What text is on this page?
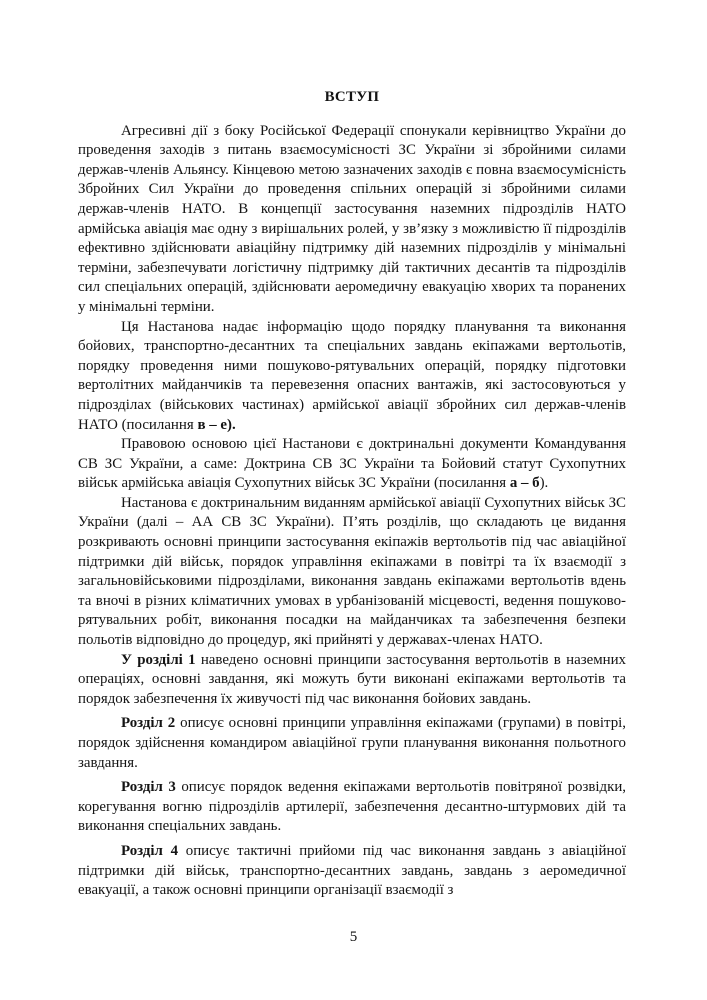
ВСТУП

Агресивні дії з боку Російської Федерації спонукали керівництво України до проведення заходів з питань взаємосумісності ЗС України зі збройними силами держав-членів Альянсу. Кінцевою метою зазначених заходів є повна взаємосумісність Збройних Сил України до проведення спільних операцій зі збройними силами держав-членів НАТО. В концепції застосування наземних підрозділів НАТО армійська авіація має одну з вирішальних ролей, у зв’язку з можливістю її підрозділів ефективно здійснювати авіаційну підтримку дій наземних підрозділів у мінімальні терміни, забезпечувати логістичну підтримку дій тактичних десантів та підрозділів сил спеціальних операцій, здійснювати аеромедичну евакуацію хворих та поранених у мінімальні терміни.

Ця Настанова надає інформацію щодо порядку планування та виконання бойових, транспортно-десантних та спеціальних завдань екіпажами вертольотів, порядку проведення ними пошуково-рятувальних операцій, порядку підготовки вертолітних майданчиків та перевезення опасних вантажів, які застосовуються у підрозділах (військових частинах) армійської авіації збройних сил держав-членів НАТО (посилання в – е).

Правовою основою цієї Настанови є доктринальні документи Командування СВ ЗС України, а саме: Доктрина СВ ЗС України та Бойовий статут Сухопутних військ армійська авіація Сухопутних військ ЗС України (посилання а – б).

Настанова є доктринальним виданням армійської авіації Сухопутних військ ЗС України (далі – АА СВ ЗС України). П’ять розділів, що складають це видання розкривають основні принципи застосування екіпажів вертольотів під час авіаційної підтримки дій військ, порядок управління екіпажами в повітрі та їх взаємодії з загальновійськовими підрозділами, виконання завдань екіпажами вертольотів вдень та вночі в різних кліматичних умовах в урбанізованій місцевості, ведення пошуково-рятувальних робіт, виконання посадки на майданчиках та забезпечення безпеки польотів відповідно до процедур, які прийняті у державах-членах НАТО.

У розділі 1 наведено основні принципи застосування вертольотів в наземних операціях, основні завдання, які можуть бути виконані екіпажами вертольотів та порядок забезпечення їх живучості під час виконання бойових завдань.

Розділ 2 описує основні принципи управління екіпажами (групами) в повітрі, порядок здійснення командиром авіаційної групи планування виконання польотного завдання.

Розділ 3 описує порядок ведення екіпажами вертольотів повітряної розвідки, корегування вогню підрозділів артилерії, забезпечення десантно-штурмових дій та виконання спеціальних завдань.

Розділ 4 описує тактичні прийоми під час виконання завдань з авіаційної підтримки дій військ, транспортно-десантних завдань, завдань з аеромедичної евакуації, а також основні принципи організації взаємодії з

5
